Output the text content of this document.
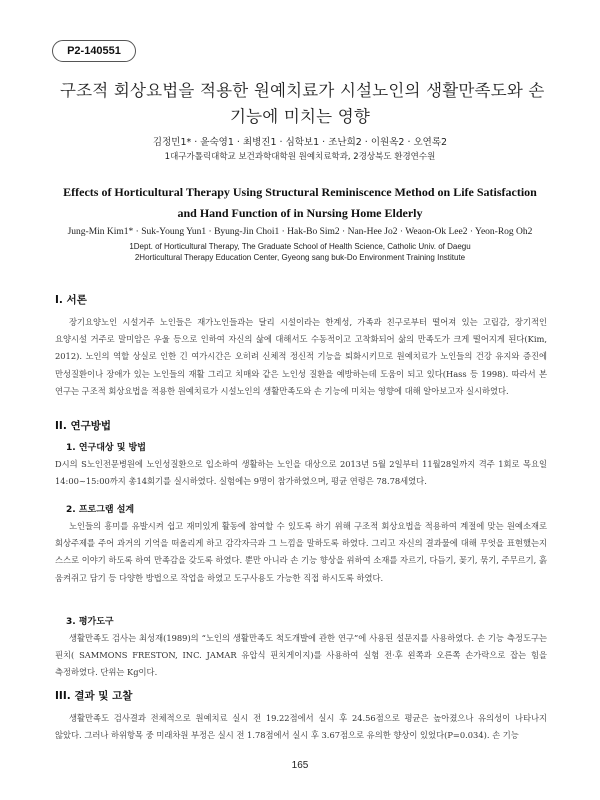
P2-140551
구조적 회상요법을 적용한 원예치료가 시설노인의 생활만족도와 손
기능에 미치는 영향
김정민1* · 윤숙영1 · 최병진1 · 심학보1 · 조난희2 · 이원옥2 · 오연록2
1대구가톨릭대학교 보건과학대학원 원예치료학과, 2경상북도 환경연수원
Effects of Horticultural Therapy Using Structural Reminiscence Method on Life Satisfaction
and Hand Function of in Nursing Home Elderly
Jung-Min Kim1* · Suk-Young Yun1 · Byung-Jin Choi1 · Hak-Bo Sim2 · Nan-Hee Jo2 · Weaon-Ok Lee2 · Yeon-Rog Oh2
1Dept. of Horticultural Therapy, The Graduate School of Health Science, Catholic Univ. of Daegu
2Horticultural Therapy Education Center, Gyeong sang buk-Do Environment Training Institute
I. 서론
장기요양노인 시설거주 노인들은 재가노인들과는 달리 시설이라는 한계성, 가족과 친구로부터 떨어져 있는 고립감, 장기적인 요양시설 거주로 말미암은 우울 등으로 인하여 자신의 삶에 대해서도 수동적이고 고착화되어 삶의 만족도가 크게 떨어지게 된다(Kim, 2012). 노인의 역할 상실로 인한 긴 여가시간은 오히려 신체적 정신적 기능을 퇴화시키므로 원예치료가 노인들의 건강 유지와 증진에 만성질환이나 장애가 있는 노인들의 재활 그리고 치매와 같은 노인성 질환을 예방하는데 도움이 되고 있다(Hass 등 1998). 따라서 본 연구는 구조적 회상요법을 적용한 원예치료가 시설노인의 생활만족도와 손 기능에 미치는 영향에 대해 알아보고자 실시하였다.
II. 연구방법
1. 연구대상 및 방법
D시의 S노인전문병원에 노인성질환으로 입소하여 생활하는 노인을 대상으로 2013년 5월 2일부터 11월28일까지 격주 1회로 목요일 14:00~15:00까지 총14회기를 실시하였다. 실험에는 9명이 참가하였으며, 평균 연령은 78.78세였다.
2. 프로그램 설계
노인들의 흥미를 유발시켜 쉽고 재미있게 활동에 참여할 수 있도록 하기 위해 구조적 회상요법을 적용하여 계절에 맞는 원예소재로 회상주제를 주어 과거의 기억을 떠올리게 하고 감각자극과 그 느낌을 말하도록 하였다. 그리고 자신의 결과물에 대해 무엇을 표현했는지 스스로 이야기 하도록 하여 만족감을 갖도록 하였다. 뿐만 아니라 손 기능 향상을 위하여 소재를 자르기, 다듬기, 꽂기, 묶기, 주무르기, 흙 움켜쥐고 담기 등 다양한 방법으로 작업을 하였고 도구사용도 가능한 직접 하시도록 하였다.
3. 평가도구
생활만족도 검사는 최성재(1989)의 “노인의 생활만족도 척도개발에 관한 연구”에 사용된 설문지를 사용하였다. 손 기능 측정도구는 핀치( SAMMONS FRESTON, INC. JAMAR 유압식 핀치게이지)를 사용하여 실험 전·후 왼쪽과 오른쪽 손가락으로 잡는 힘을 측정하였다. 단위는 Kg이다.
III. 결과 및 고찰
생활만족도 검사결과 전체적으로 원예치료 실시 전 19.22점에서 실시 후 24.56점으로 평균은 높아졌으나 유의성이 나타나지 않았다. 그러나 하위항목 중 미래차원 부정은 실시 전 1.78점에서 실시 후 3.67점으로 유의한 향상이 있었다(P=0.034). 손 기능
165
